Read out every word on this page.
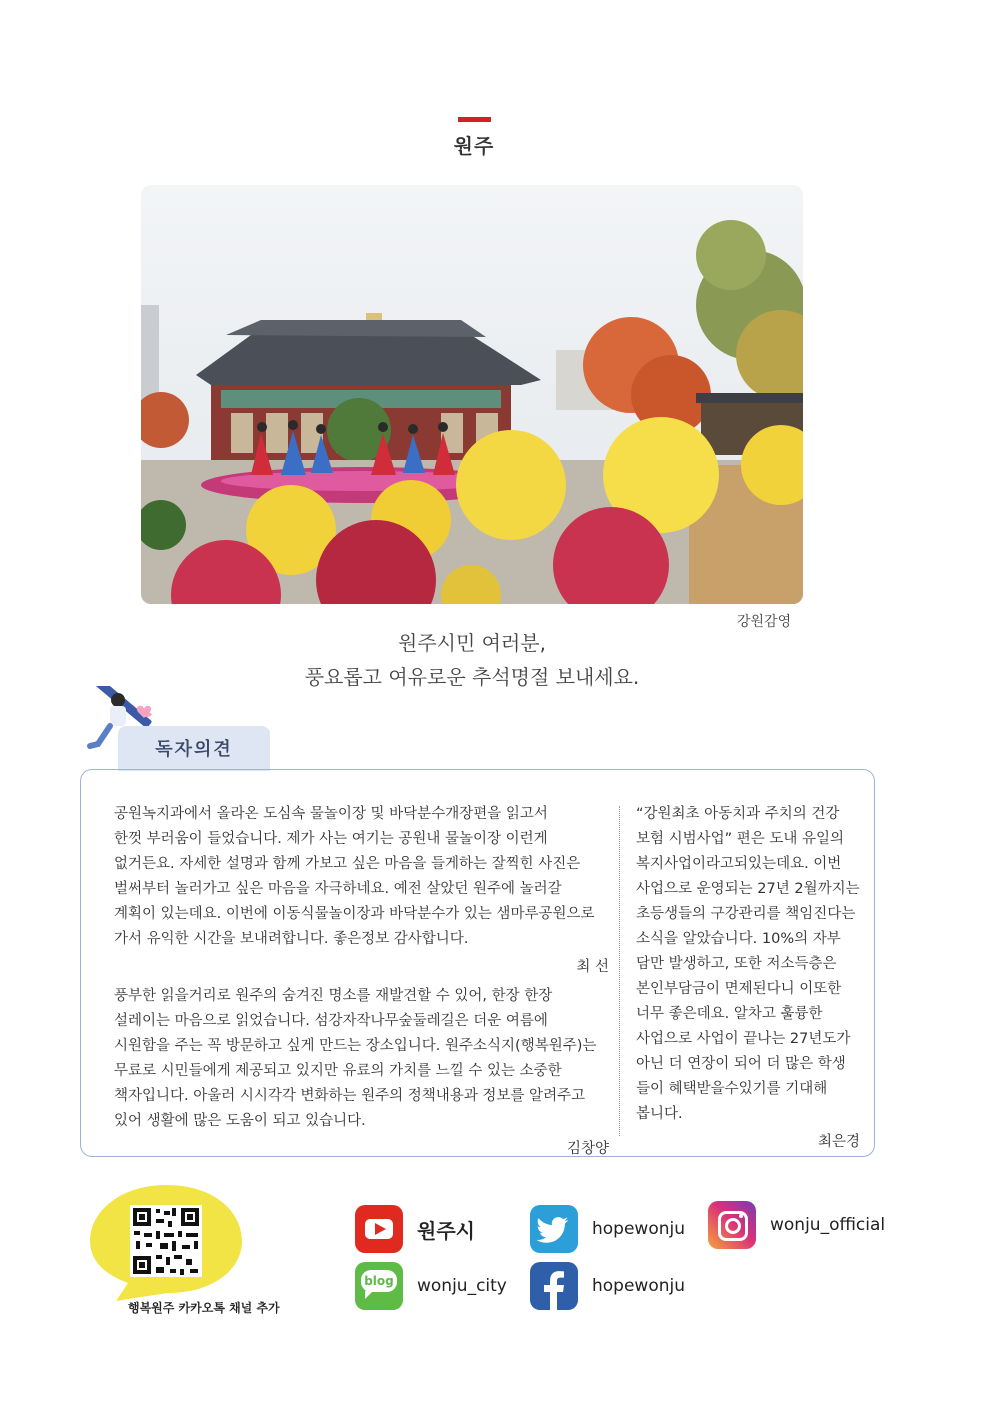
원주
강원감영
원주시민 여러분,
풍요롭고 여유로운 추석명절 보내세요.
독자의견
공원녹지과에서 올라온 도심속 물놀이장 및 바닥분수개장편을 읽고서
한껏 부러움이 들었습니다. 제가 사는 여기는 공원내 물놀이장 이런게
없거든요. 자세한 설명과 함께 가보고 싶은 마음을 들게하는 잘찍힌 사진은
벌써부터 놀러가고 싶은 마음을 자극하네요. 예전 살았던 원주에 놀러갈
계획이 있는데요. 이번에 이동식물놀이장과 바닥분수가 있는 샘마루공원으로
가서 유익한 시간을 보내려합니다. 좋은정보 감사합니다.
최 선
풍부한 읽을거리로 원주의 숨겨진 명소를 재발견할 수 있어, 한장 한장
설레이는 마음으로 읽었습니다. 섬강자작나무숲둘레길은 더운 여름에
시원함을 주는 꼭 방문하고 싶게 만드는 장소입니다. 원주소식지(행복원주)는
무료로 시민들에게 제공되고 있지만 유료의 가치를 느낄 수 있는 소중한
책자입니다. 아울러 시시각각 변화하는 원주의 정책내용과 정보를 알려주고
있어 생활에 많은 도움이 되고 있습니다.
김창양
“강원최초 아동치과 주치의 건강
보험 시범사업” 편은 도내 유일의
복지사업이라고되있는데요. 이번
사업으로 운영되는 27년 2월까지는
초등생들의 구강관리를 책임진다는
소식을 알았습니다. 10%의 자부
담만 발생하고, 또한 저소득층은
본인부담금이 면제된다니 이또한
너무 좋은데요. 알차고 훌륭한
사업으로 사업이 끝나는 27년도가
아닌 더 연장이 되어 더 많은 학생
들이 혜택받을수있기를 기대해
봅니다.
최은경
행복원주 카카오톡 채널 추가
원주시	hopewonju	wonju_official
blog wonju_city	hopewonju
